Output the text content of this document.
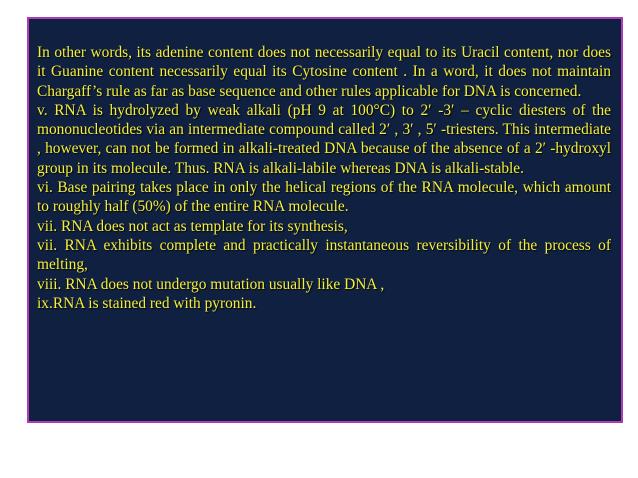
In other words, its adenine content does not necessarily equal to its Uracil content, nor does it Guanine content necessarily equal its Cytosine content . In a word, it does not maintain Chargaff’s rule as far as base sequence and other rules applicable for DNA is concerned.

v. RNA is hydrolyzed by weak alkali (pH 9 at 100°C) to 2′ -3′ – cyclic diesters of the mononucleotides via an intermediate compound called 2′ , 3′ , 5′ -triesters. This intermediate , however, can not be formed in alkali-treated DNA because of the absence of a 2′ -hydroxyl group in its molecule. Thus. RNA is alkali-labile whereas DNA is alkali-stable.

vi. Base pairing takes place in only the helical regions of the RNA molecule, which amount to roughly half (50%) of the entire RNA molecule.

vii. RNA does not act as template for its synthesis,

vii. RNA exhibits complete and practically instantaneous reversibility of the process of melting,

viii. RNA does not undergo mutation usually like DNA ,

ix.RNA is stained red with pyronin.
